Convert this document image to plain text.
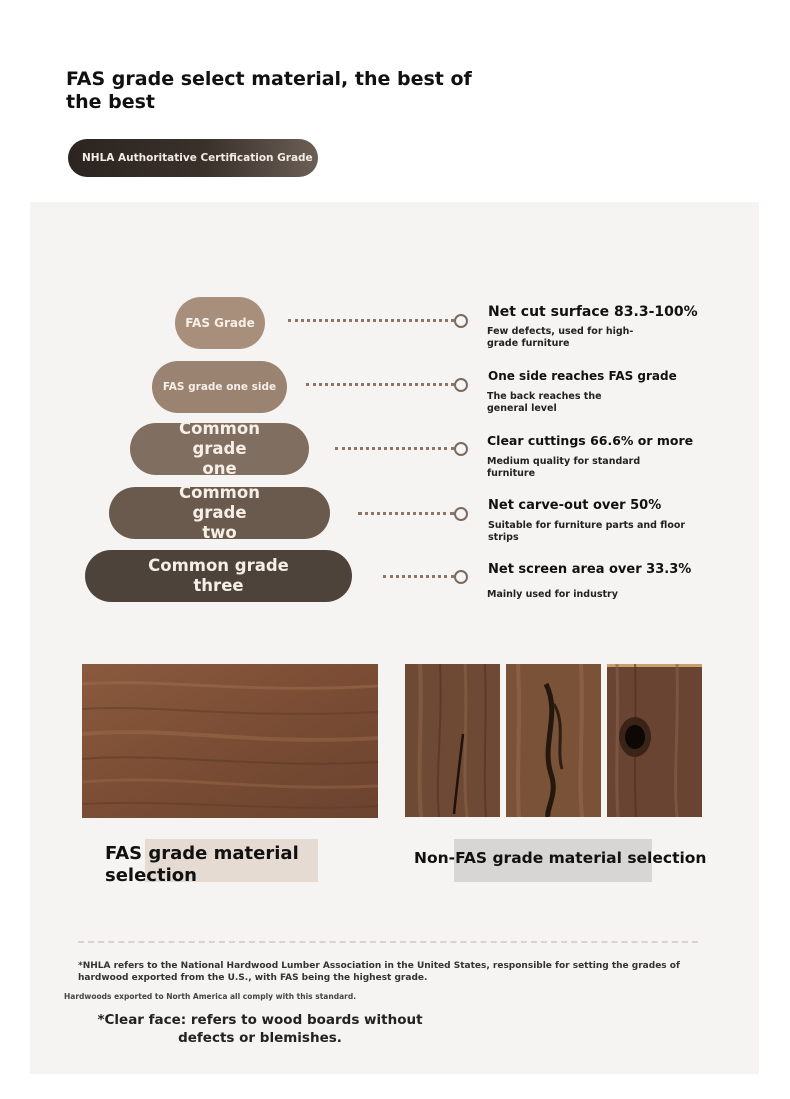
FAS grade select material, the best of the best
NHLA Authoritative Certification Grade
FAS Grade
FAS grade one side
Common grade one
Common grade two
Common grade three
Net cut surface 83.3-100%
Few defects, used for high-grade furniture
One side reaches FAS grade
The back reaches the general level
Clear cuttings 66.6% or more
Medium quality for standard furniture
Net carve-out over 50%
Suitable for furniture parts and floor strips
Net screen area over 33.3%
Mainly used for industry
FAS grade material selection
Non-FAS grade material selection
*NHLA refers to the National Hardwood Lumber Association in the United States, responsible for setting the grades of hardwood exported from the U.S., with FAS being the highest grade.
Hardwoods exported to North America all comply with this standard.
*Clear face: refers to wood boards without defects or blemishes.
